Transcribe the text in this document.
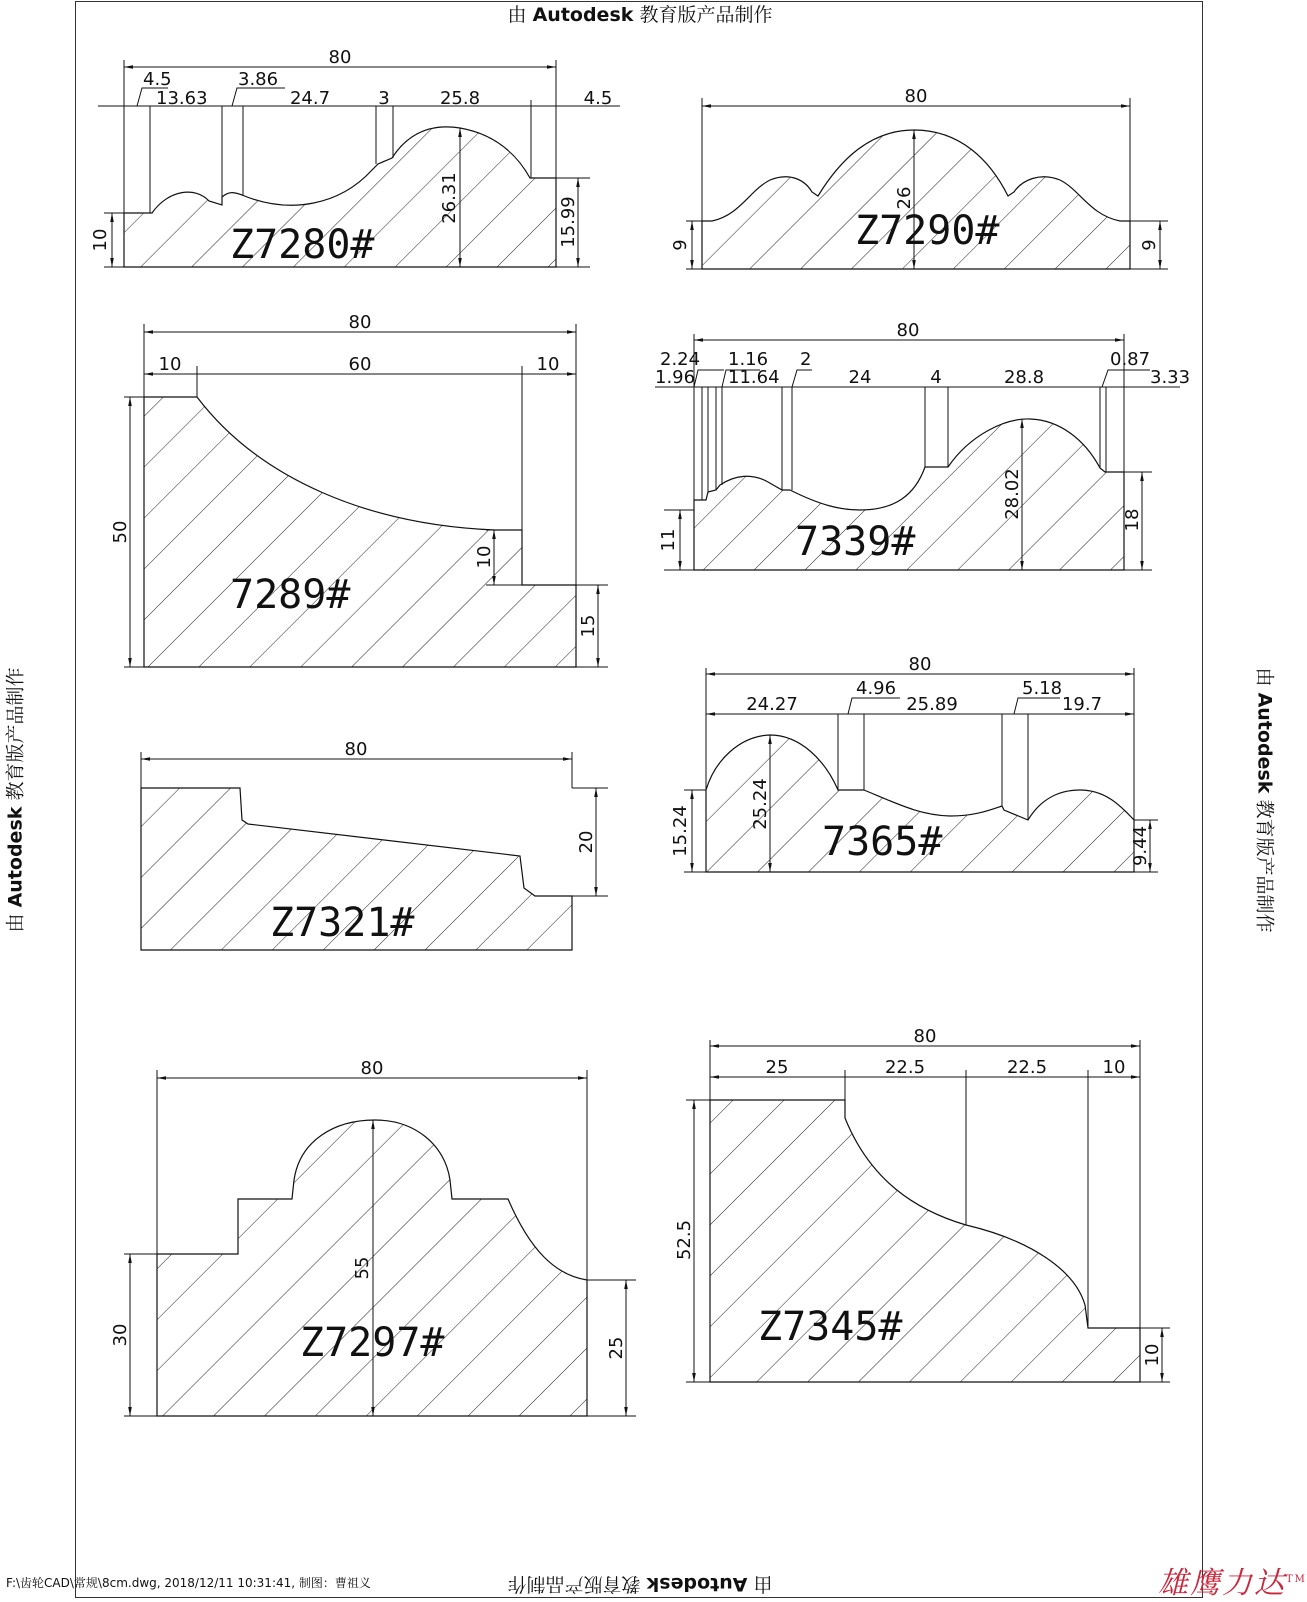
由 Autodesk 教育版产品制作
由 Autodesk 教育版产品制作
由 Autodesk 教育版产品制作	由 Autodesk 教育版产品制作
80
4.5
13.63
3.86
24.7	3	25.8	4.5
26.31
10	15.99
Z7280#
80
26
9	9
Z7290#
80
10	60	10
50
10
15
7289#
80
2.24
1.96
1.16
11.64
2
24	4	28.8
0.87
3.33
28.02
11
18
7339#
80
20
Z7321#
80
24.27
4.96
25.89
5.18
19.7
25.24
15.24	9.44
7365#
80
55
30
25
Z7297#
80
25	22.5	22.5	10
52.5
10
Z7345#
F:\齿轮CAD\常规\8cm.dwg, 2018/12/11 10:31:41, 制图：曹祖义	雄鹰力达™
